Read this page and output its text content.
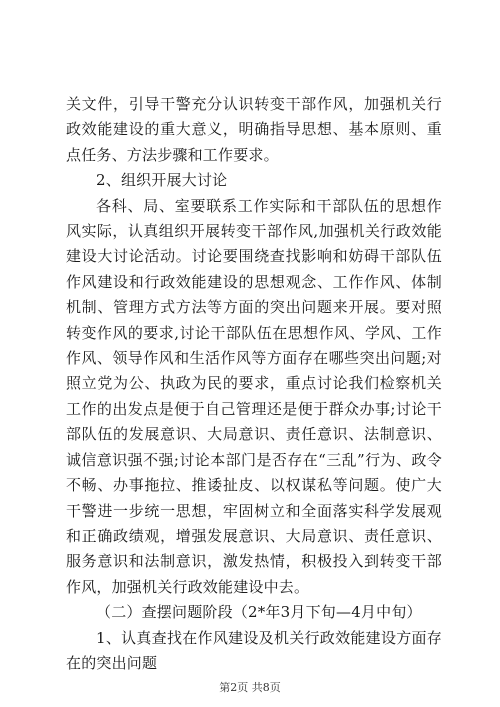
关文件，引导干警充分认识转变干部作风，加强机关行政效能建设的重大意义，明确指导思想、基本原则、重点任务、方法步骤和工作要求。

2、组织开展大讨论

各科、局、室要联系工作实际和干部队伍的思想作风实际，认真组织开展转变干部作风,加强机关行政效能建设大讨论活动。讨论要围绕查找影响和妨碍干部队伍作风建设和行政效能建设的思想观念、工作作风、体制机制、管理方式方法等方面的突出问题来开展。要对照转变作风的要求,讨论干部队伍在思想作风、学风、工作作风、领导作风和生活作风等方面存在哪些突出问题;对照立党为公、执政为民的要求，重点讨论我们检察机关工作的出发点是便于自己管理还是便于群众办事;讨论干部队伍的发展意识、大局意识、责任意识、法制意识、诚信意识强不强;讨论本部门是否存在“三乱”行为、政令不畅、办事拖拉、推诿扯皮、以权谋私等问题。使广大干警进一步统一思想，牢固树立和全面落实科学发展观和正确政绩观，增强发展意识、大局意识、责任意识、服务意识和法制意识，激发热情，积极投入到转变干部作风，加强机关行政效能建设中去。

（二）查摆问题阶段（2*年3月下旬—4月中旬）

1、认真查找在作风建设及机关行政效能建设方面存在的突出问题

第2页 共8页
